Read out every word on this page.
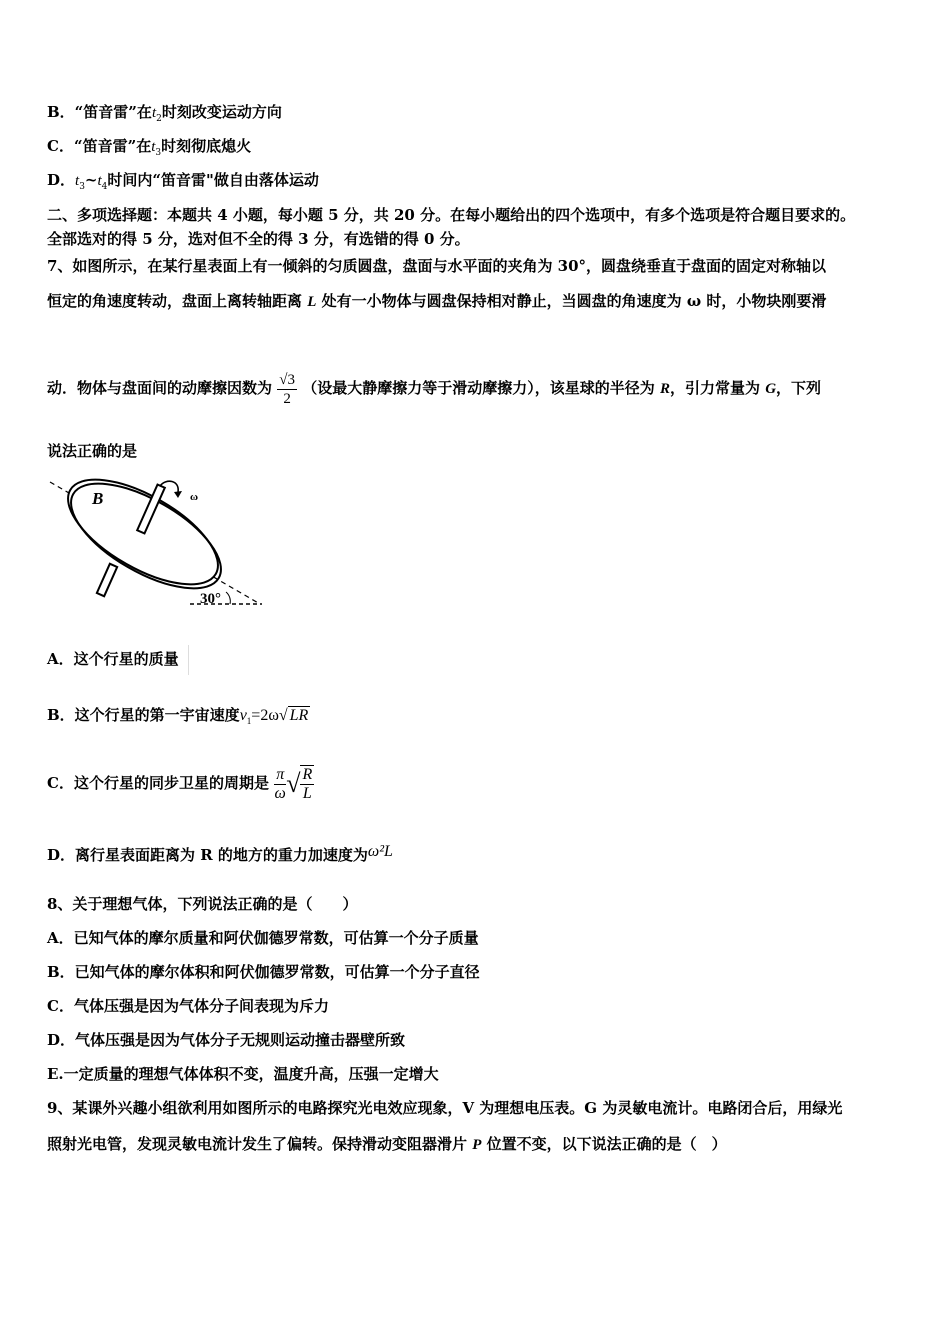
B．“笛音雷”在$t_2$时刻改变运动方向
C．“笛音雷”在$t_3$时刻彻底熄火
D．$t_3\sim t_4$时间内“笛音雷"做自由落体运动
二、多项选择题：本题共 4 小题，每小题 5 分，共 20 分。在每小题给出的四个选项中，有多个选项是符合题目要求的。
全部选对的得 5 分，选对但不全的得 3 分，有选错的得 0 分。
7、如图所示，在某行星表面上有一倾斜的匀质圆盘，盘面与水平面的夹角为 30°，圆盘绕垂直于盘面的固定对称轴以
恒定的角速度转动，盘面上离转轴距离 L 处有一小物体与圆盘保持相对静止，当圆盘的角速度为 ω 时，小物块刚要滑
动．物体与盘面间的动摩擦因数为 $\frac{√3}{2}$ （设最大静摩擦力等于滑动摩擦力），该星球的半径为 R，引力常量为 G，下列
说法正确的是
B	ω
30°
A．这个行星的质量
B．这个行星的第一宇宙速度$v_1=2\omega√$ LR
C．这个行星的同步卫星的周期是 $\frac{\pi}{\omega}$ √ $\frac{R}{L}$
D．离行星表面距离为 R 的地方的重力加速度为ω²L
8、关于理想气体，下列说法正确的是（　　）
A．已知气体的摩尔质量和阿伏伽德罗常数，可估算一个分子质量
B．已知气体的摩尔体积和阿伏伽德罗常数，可估算一个分子直径
C．气体压强是因为气体分子间表现为斥力
D．气体压强是因为气体分子无规则运动撞击器壁所致
E.一定质量的理想气体体积不变，温度升高，压强一定增大
9、某课外兴趣小组欲利用如图所示的电路探究光电效应现象，V 为理想电压表。G 为灵敏电流计。电路闭合后，用绿光
照射光电管，发现灵敏电流计发生了偏转。保持滑动变阻器滑片 P 位置不变，以下说法正确的是（　）
